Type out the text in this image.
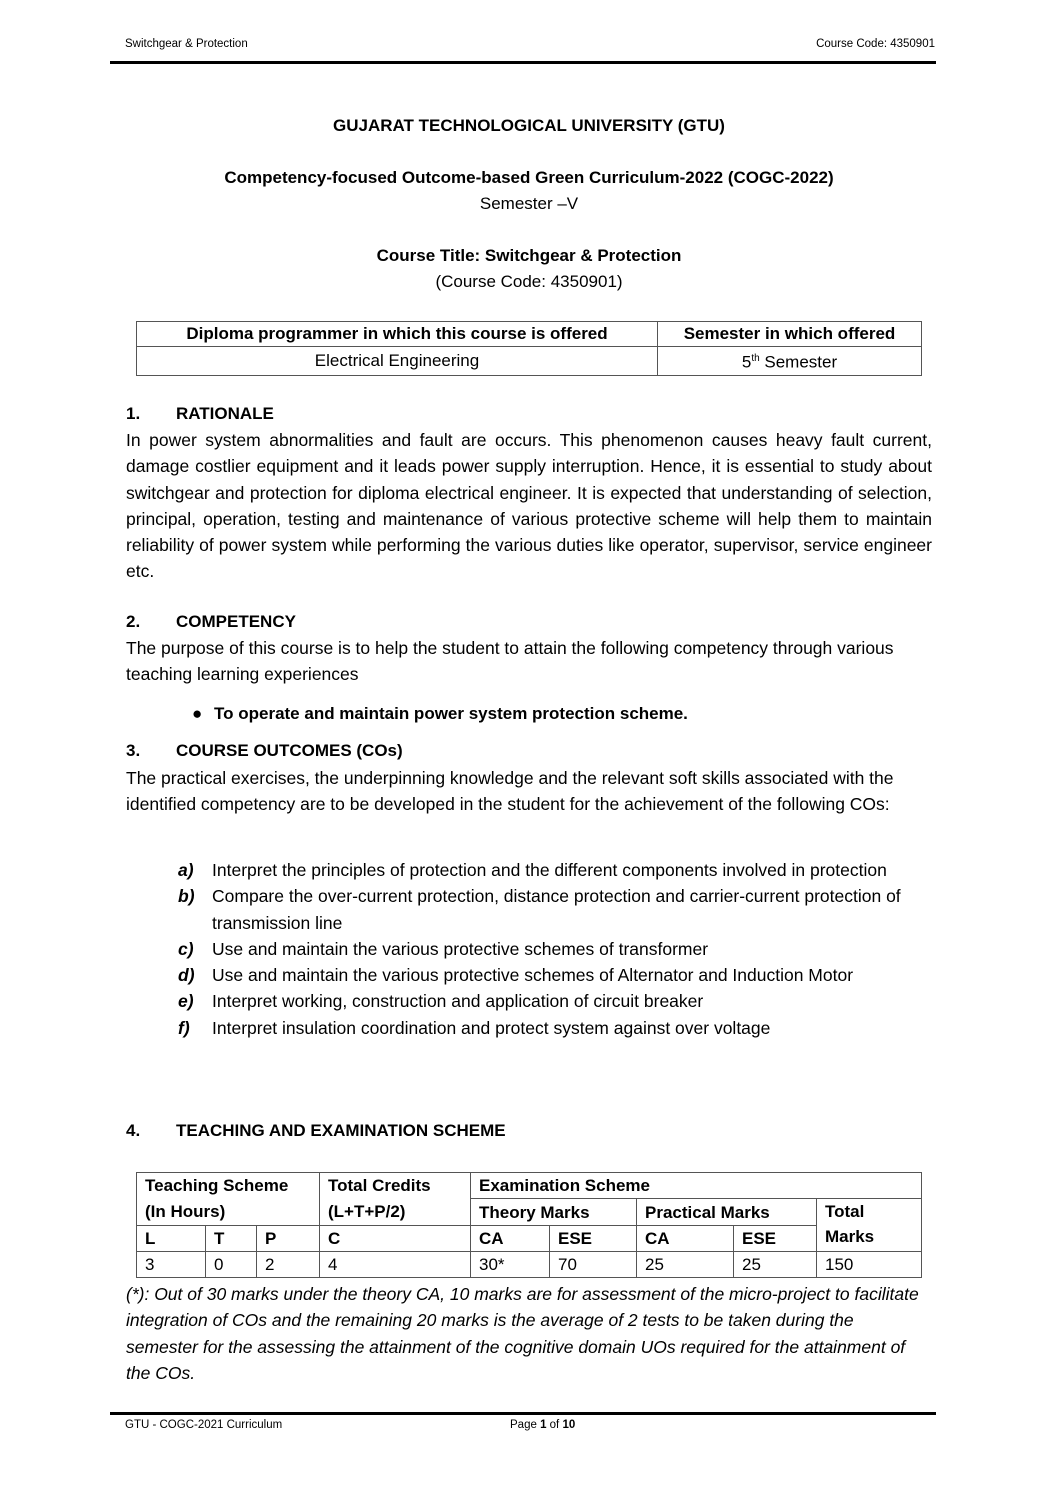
Switchgear & Protection	Course Code: 4350901
GUJARAT TECHNOLOGICAL UNIVERSITY (GTU)
Competency-focused Outcome-based Green Curriculum-2022 (COGC-2022)
Semester –V
Course Title: Switchgear & Protection
(Course Code: 4350901)
Diploma programmer in which this course is offered	Semester in which offered
Electrical Engineering	5th Semester
1. RATIONALE
In power system abnormalities and fault are occurs. This phenomenon causes heavy fault current, damage costlier equipment and it leads power supply interruption. Hence, it is essential to study about switchgear and protection for diploma electrical engineer. It is expected that understanding of selection, principal, operation, testing and maintenance of various protective scheme will help them to maintain reliability of power system while performing the various duties like operator, supervisor, service engineer etc.
2. COMPETENCY
The purpose of this course is to help the student to attain the following competency through various teaching learning experiences
● To operate and maintain power system protection scheme.
3. COURSE OUTCOMES (COs)
The practical exercises, the underpinning knowledge and the relevant soft skills associated with the identified competency are to be developed in the student for the achievement of the following COs:
a)	Interpret the principles of protection and the different components involved in protection
b) Compare the over-current protection, distance protection and carrier-current protection of transmission line
c)	Use and maintain the various protective schemes of transformer
d) Use and maintain the various protective schemes of Alternator and Induction Motor
e)	Interpret working, construction and application of circuit breaker
f)	Interpret insulation coordination and protect system against over voltage
4. TEACHING AND EXAMINATION SCHEME
Teaching Scheme (In Hours)			Total Credits (L+T+P/2)	Examination Scheme				
				Theory Marks		Practical Marks		Total Marks
L	T	P	C	CA	ESE	CA	ESE	
3	0	2	4	30*	70	25	25	150
(*): Out of 30 marks under the theory CA, 10 marks are for assessment of the micro-project to facilitate integration of COs and the remaining 20 marks is the average of 2 tests to be taken during the semester for the assessing the attainment of the cognitive domain UOs required for the attainment of the COs.
GTU - COGC-2021 Curriculum	Page 1 of 10
